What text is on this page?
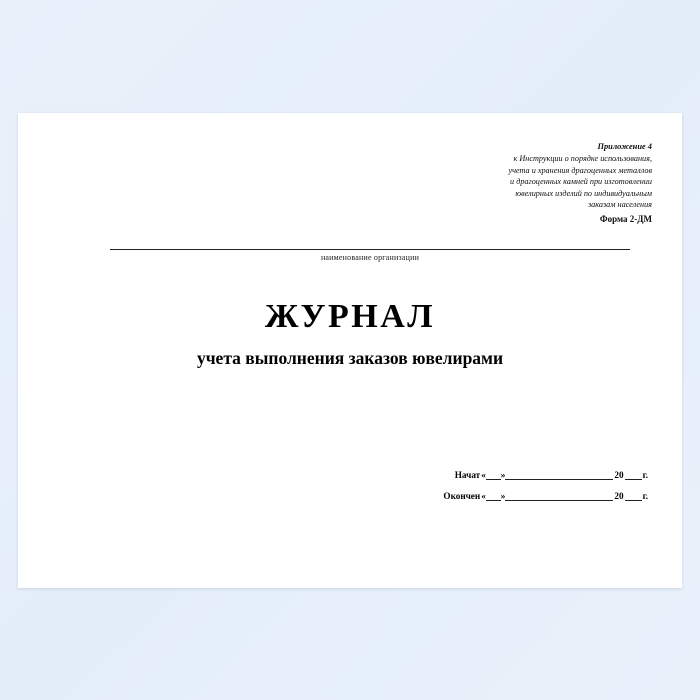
Приложение 4
к Инструкции о порядке использования,
учета и хранения драгоценных металлов
и драгоценных камней при изготовлении
ювелирных изделий по индивидуальным
заказам населения
Форма 2-ДМ
наименование организации
ЖУРНАЛ
учета выполнения заказов ювелирами
Начат « »	20 г.
Окончен « »	20 г.
